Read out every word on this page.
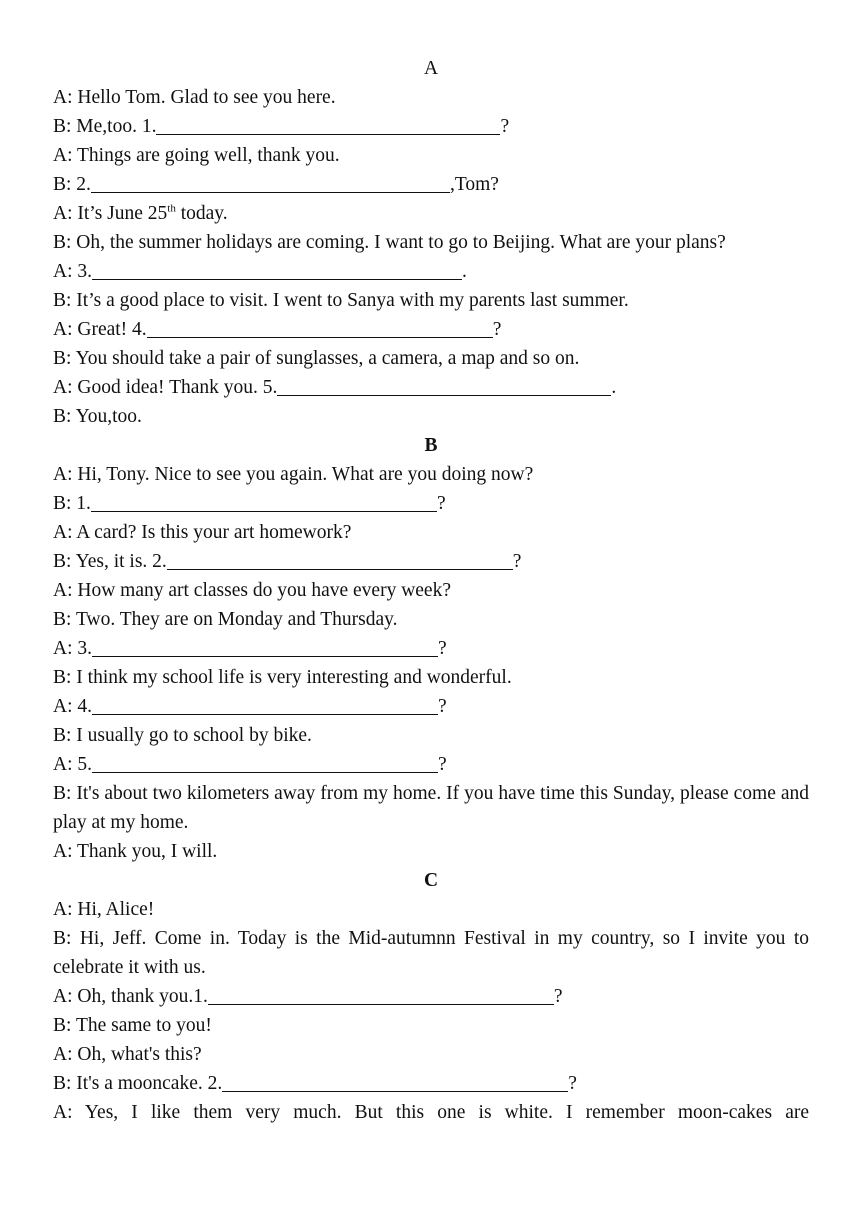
A
A: Hello Tom. Glad to see you here.
B: Me,too. 1.	?
A: Things are going well, thank you.
B: 2.	,Tom?
A: It’s June 25th today.
B: Oh, the summer holidays are coming. I want to go to Beijing. What are your plans?
A: 3.	.
B: It’s a good place to visit. I went to Sanya with my parents last summer.
A: Great! 4.	?
B: You should take a pair of sunglasses, a camera, a map and so on.
A: Good idea! Thank you. 5.	.
B: You,too.
B
A: Hi, Tony. Nice to see you again. What are you doing now?
B: 1.	?
A: A card? Is this your art homework?
B: Yes, it is. 2.	?
A: How many art classes do you have every week?
B: Two. They are on Monday and Thursday.
A: 3.	?
B: I think my school life is very interesting and wonderful.
A: 4.	?
B: I usually go to school by bike.
A: 5.	?
B: It's about two kilometers away from my home. If you have time this Sunday, please come and play at my home.
A: Thank you, I will.
C
A: Hi, Alice!
B: Hi, Jeff. Come in. Today is the Mid-autumnn Festival in my country, so I invite you to celebrate it with us.
A: Oh, thank you.1.	?
B: The same to you!
A: Oh, what's this?
B: It's a mooncake. 2.	?
A: Yes, I like them very much. But this one is white. I remember moon-cakes are
